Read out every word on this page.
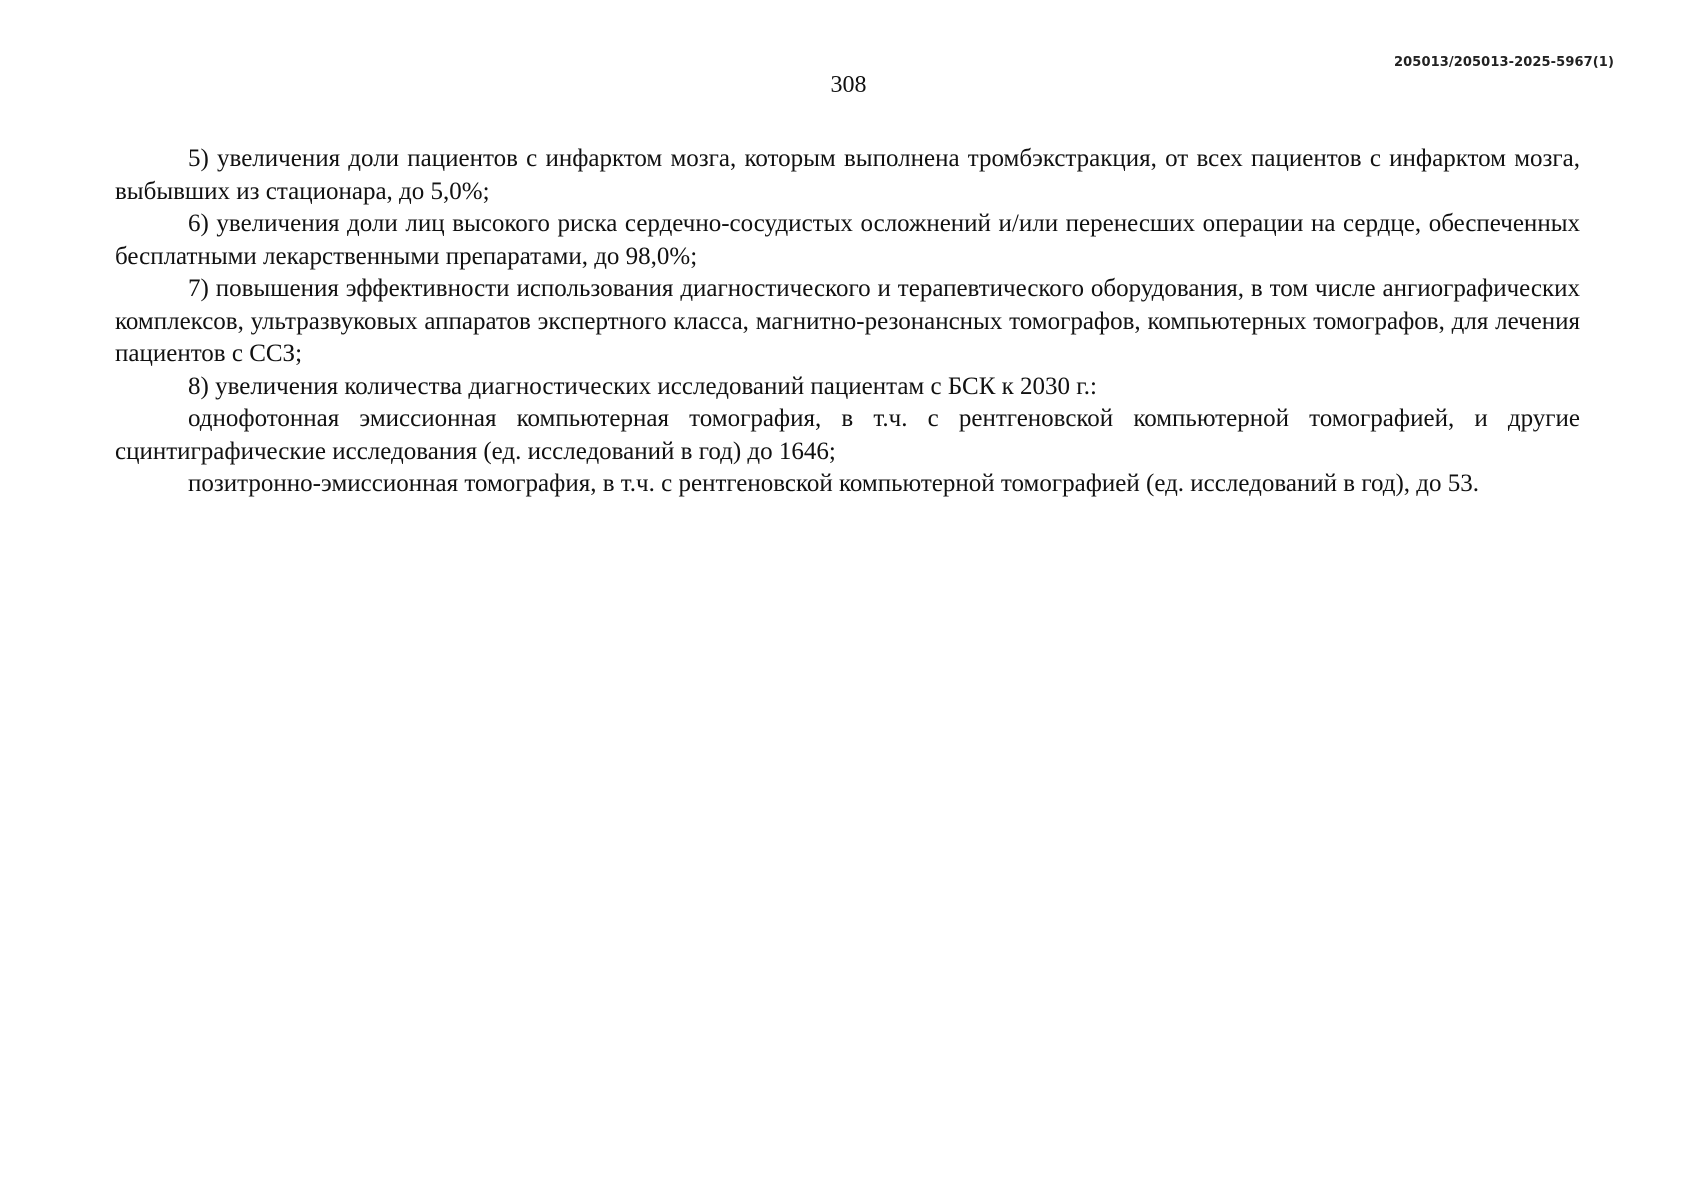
205013/205013-2025-5967(1)
308

5) увеличения доли пациентов с инфарктом мозга, которым выполнена тромбэкстракция, от всех пациентов с инфарктом мозга, выбывших из стационара, до 5,0%;

6) увеличения доли лиц высокого риска сердечно-сосудистых осложнений и/или перенесших операции на сердце, обеспеченных бесплатными лекарственными препаратами, до 98,0%;

7) повышения эффективности использования диагностического и терапевтического оборудования, в том числе ангиографических комплексов, ультразвуковых аппаратов экспертного класса, магнитно-резонансных томографов, компьютерных томографов, для лечения пациентов с ССЗ;

8) увеличения количества диагностических исследований пациентам с БСК к 2030 г.:

однофотонная эмиссионная компьютерная томография, в т.ч. с рентгеновской компьютерной томографией, и другие сцинтиграфические исследования (ед. исследований в год) до 1646;

позитронно-эмиссионная томография, в т.ч. с рентгеновской компьютерной томографией (ед. исследований в год), до 53.
